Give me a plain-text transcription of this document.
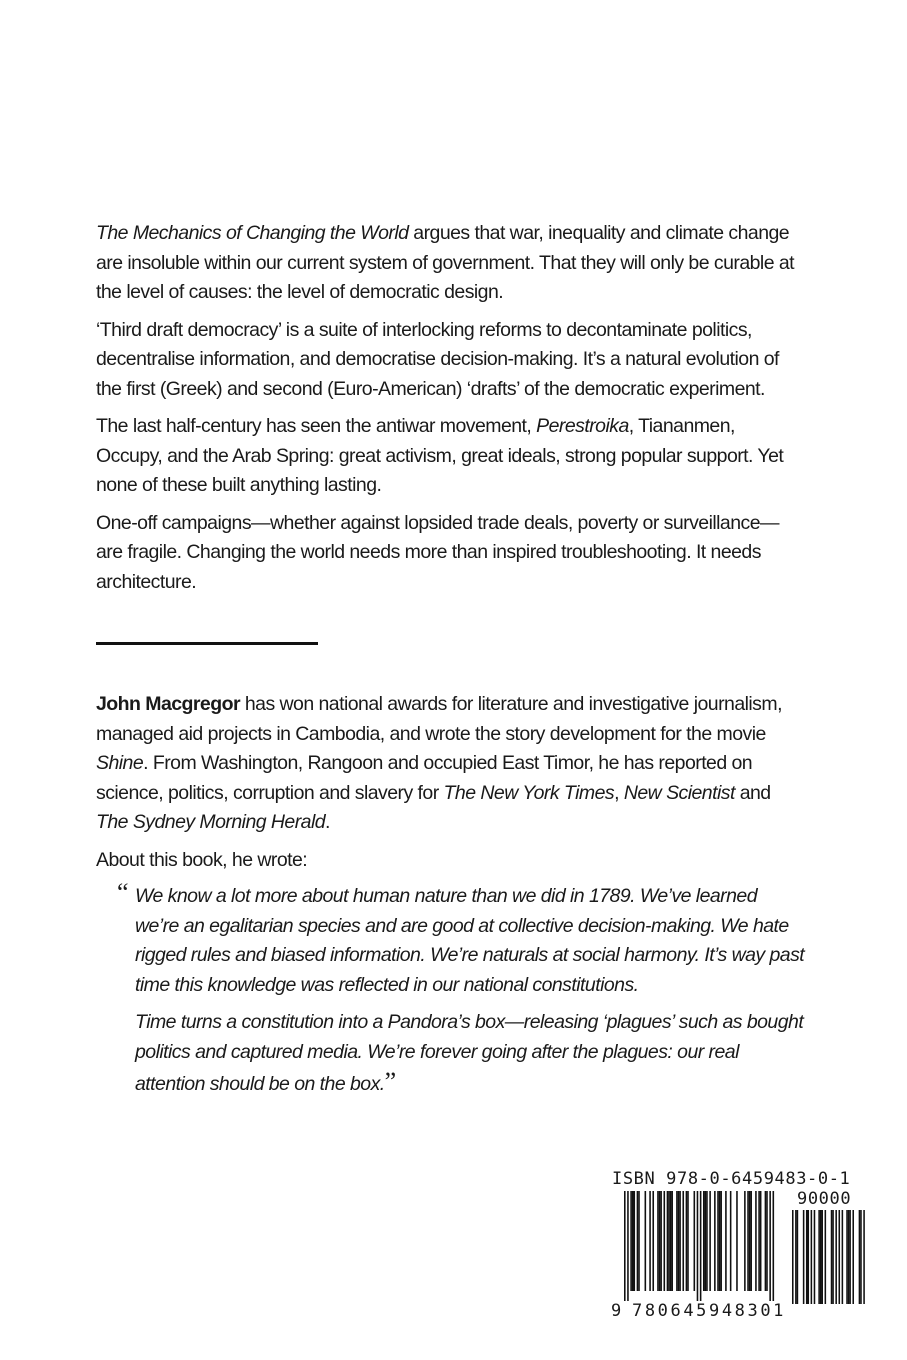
The Mechanics of Changing the World argues that war, inequality and climate change are insoluble within our current system of government. That they will only be curable at the level of causes: the level of democratic design.

‘Third draft democracy’ is a suite of interlocking reforms to decontaminate politics, decentralise information, and democratise decision-making. It’s a natural evolution of the first (Greek) and second (Euro-American) ‘drafts’ of the democratic experiment.

The last half-century has seen the antiwar movement, Perestroika, Tiananmen, Occupy, and the Arab Spring: great activism, great ideals, strong popular support. Yet none of these built anything lasting.

One-off campaigns—whether against lopsided trade deals, poverty or surveillance—are fragile. Changing the world needs more than inspired troubleshooting. It needs architecture.

John Macgregor has won national awards for literature and investigative journalism, managed aid projects in Cambodia, and wrote the story development for the movie Shine. From Washington, Rangoon and occupied East Timor, he has reported on science, politics, corruption and slavery for The New York Times, New Scientist and The Sydney Morning Herald.

About this book, he wrote:

“ We know a lot more about human nature than we did in 1789. We’ve learned we’re an egalitarian species and are good at collective decision-making. We hate rigged rules and biased information. We’re naturals at social harmony. It’s way past time this knowledge was reflected in our national constitutions.

Time turns a constitution into a Pandora’s box—releasing ‘plagues’ such as bought politics and captured media. We’re forever going after the plagues: our real attention should be on the box.”

ISBN 978-0-6459483-0-1
90000
9 780645948301
